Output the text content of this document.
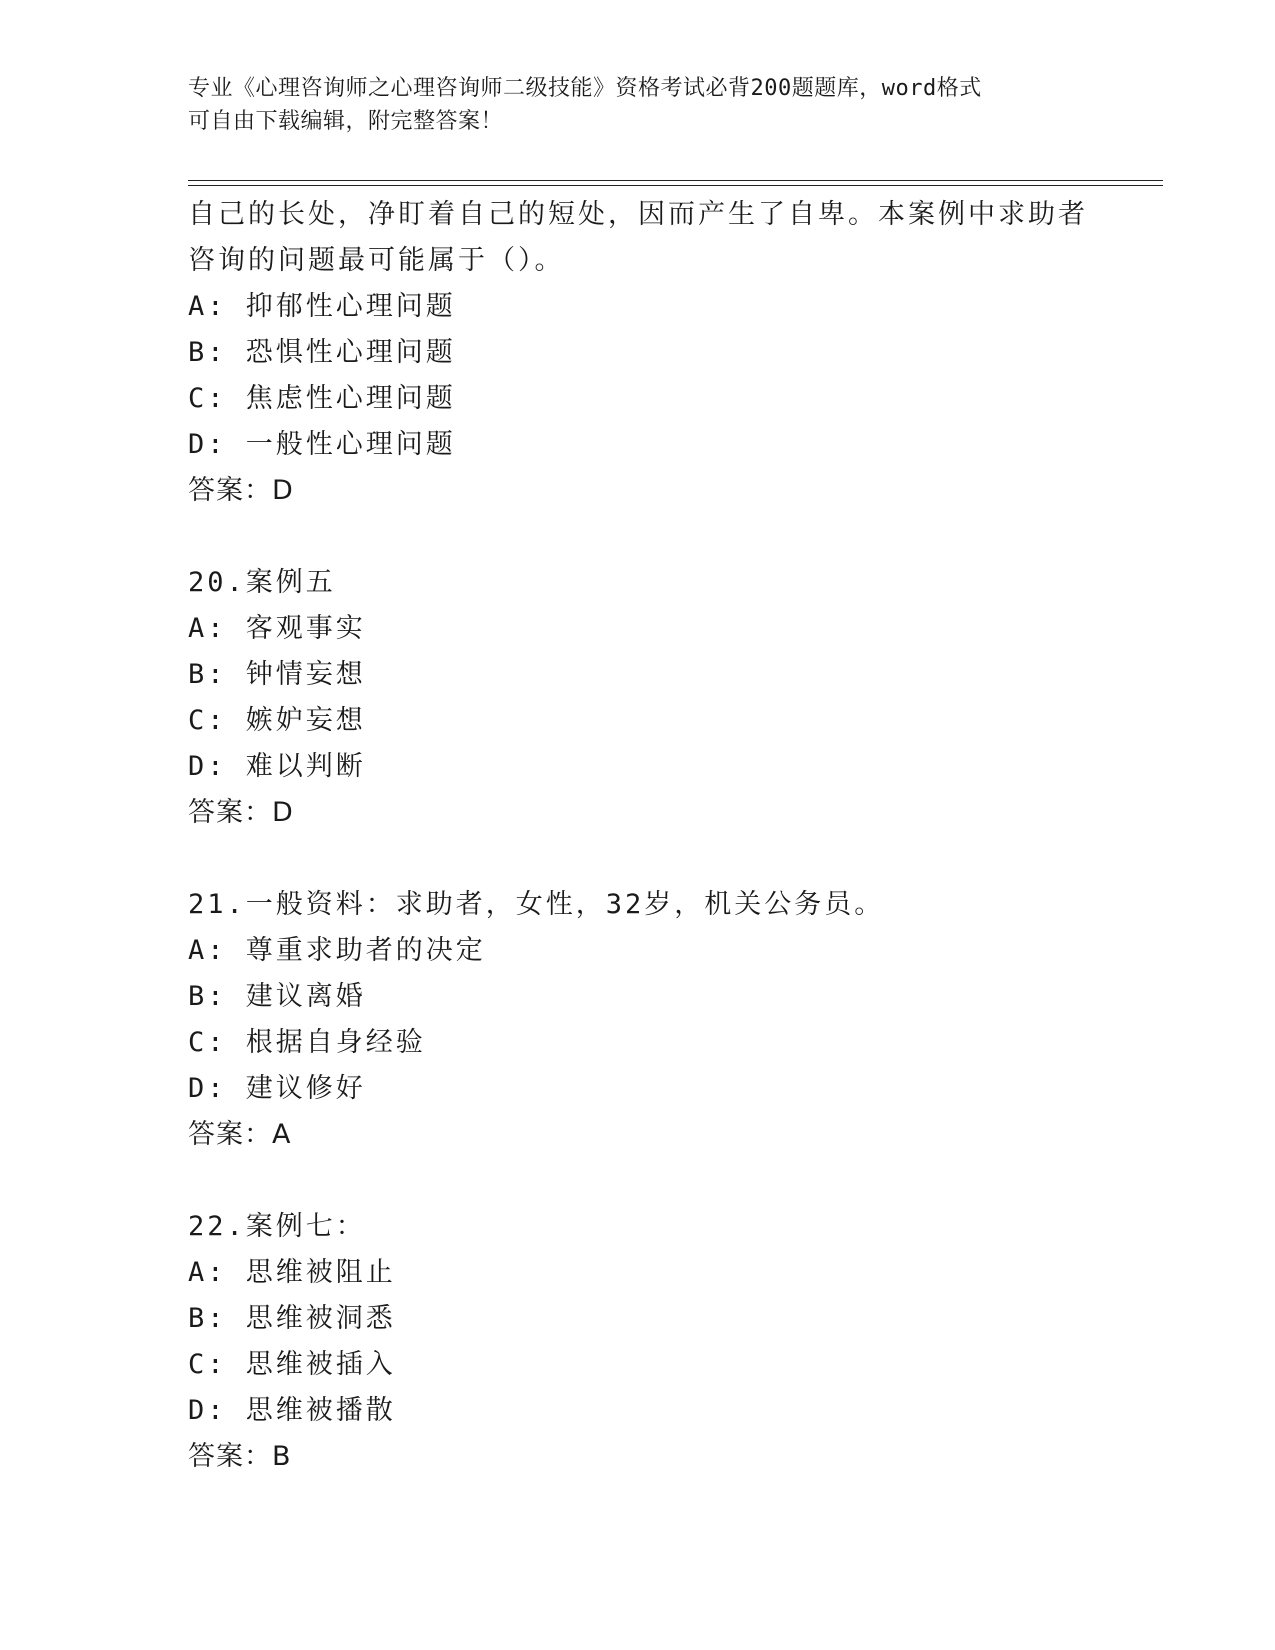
专业《心理咨询师之心理咨询师二级技能》资格考试必背200题题库，word格式
可自由下载编辑，附完整答案！
自己的长处，净盯着自己的短处，因而产生了自卑。本案例中求助者
咨询的问题最可能属于（）。
A: 抑郁性心理问题
B: 恐惧性心理问题
C: 焦虑性心理问题
D: 一般性心理问题
答案：D
20.案例五
A: 客观事实
B: 钟情妄想
C: 嫉妒妄想
D: 难以判断
答案：D
21.一般资料：求助者，女性，32岁，机关公务员。
A: 尊重求助者的决定
B: 建议离婚
C: 根据自身经验
D: 建议修好
答案：A
22.案例七：
A: 思维被阻止
B: 思维被洞悉
C: 思维被插入
D: 思维被播散
答案：B
